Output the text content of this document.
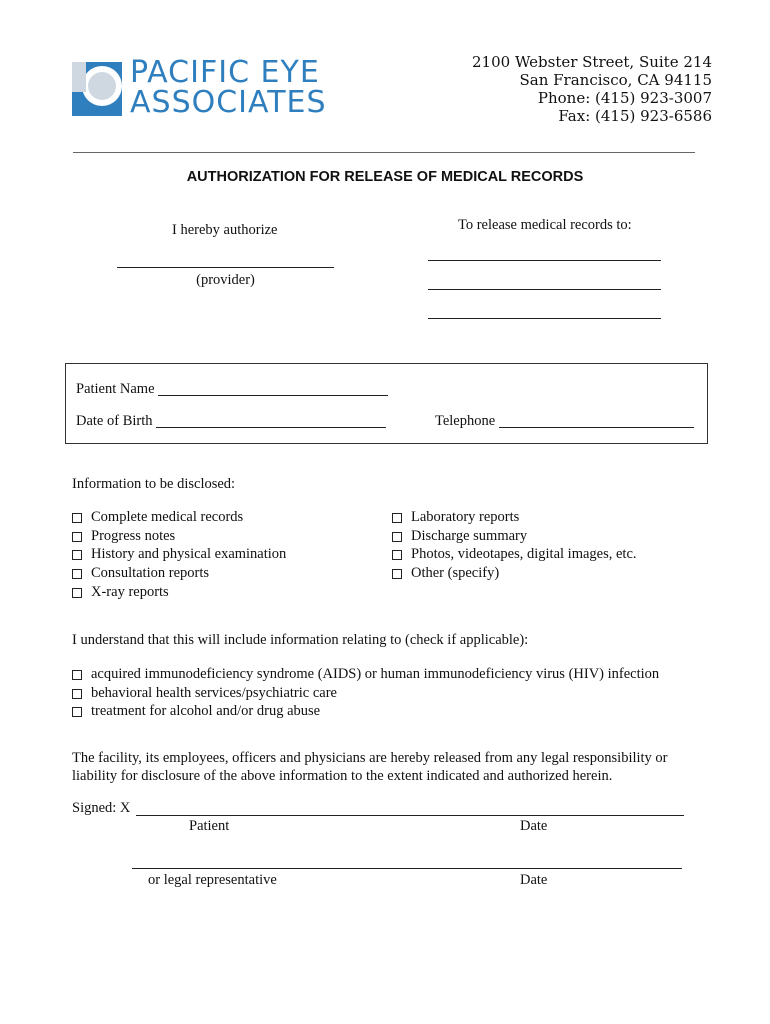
PACIFIC EYE
ASSOCIATES
2100 Webster Street, Suite 214
San Francisco, CA 94115
Phone: (415) 923-3007
Fax: (415) 923-6586
AUTHORIZATION FOR RELEASE OF MEDICAL RECORDS
I hereby authorize
(provider)
To release medical records to:
Patient Name
Date of Birth	Telephone
Information to be disclosed:
Complete medical records
Progress notes
History and physical examination
Consultation reports
X-ray reports
Laboratory reports
Discharge summary
Photos, videotapes, digital images, etc.
Other (specify)
I understand that this will include information relating to (check if applicable):
acquired immunodeficiency syndrome (AIDS) or human immunodeficiency virus (HIV) infection
behavioral health services/psychiatric care
treatment for alcohol and/or drug abuse
The facility, its employees, officers and physicians are hereby released from any legal responsibility or
liability for disclosure of the above information to the extent indicated and authorized herein.
Signed: X
Patient	Date
or legal representative	Date
